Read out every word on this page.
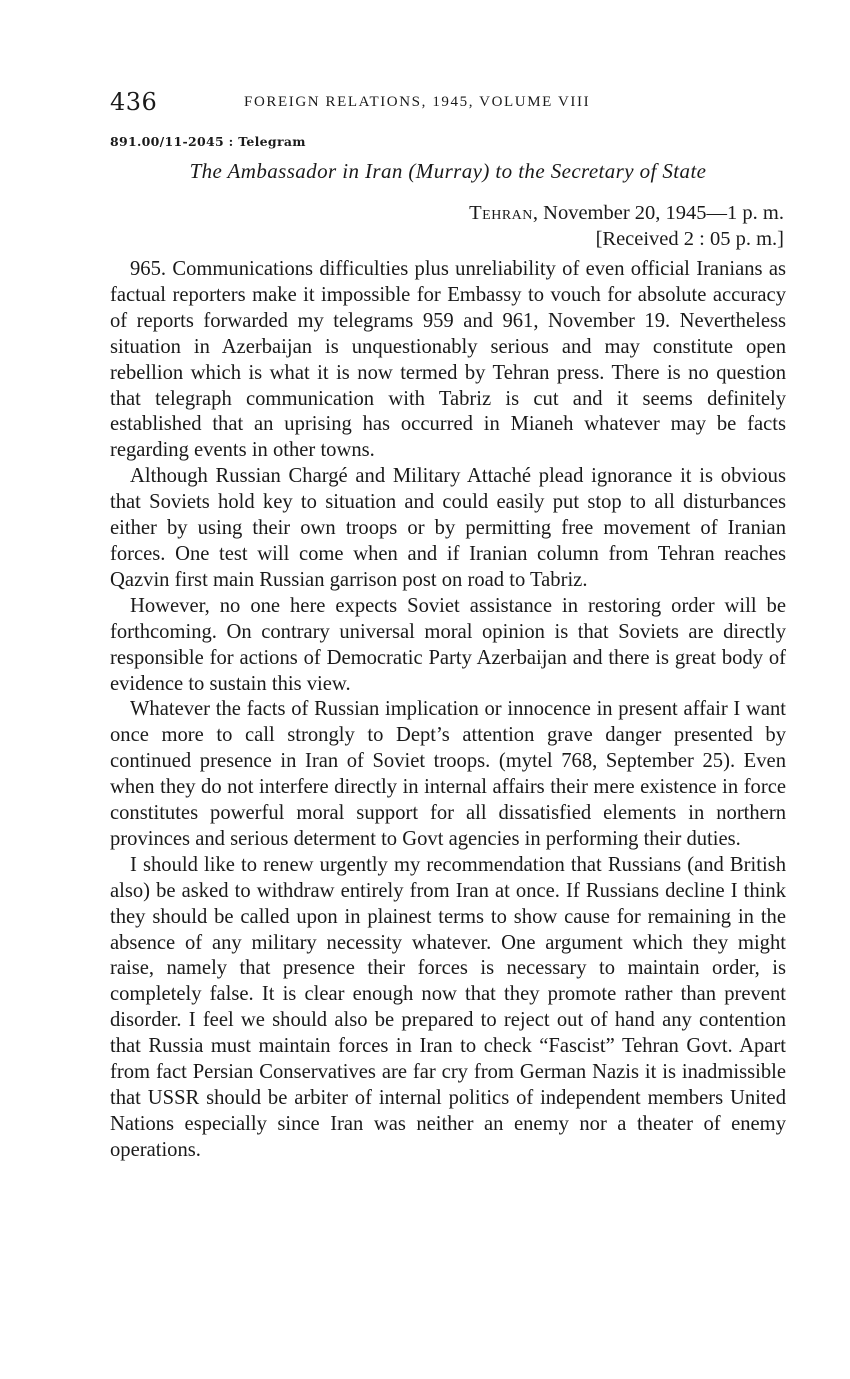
436	FOREIGN RELATIONS, 1945, VOLUME VIII
891.00/11-2045 : Telegram
The Ambassador in Iran (Murray) to the Secretary of State
Tehran, November 20, 1945—1 p. m.
[Received 2 : 05 p. m.]

965. Communications difficulties plus unreliability of even official Iranians as factual reporters make it impossible for Embassy to vouch for absolute accuracy of reports forwarded my telegrams 959 and 961, November 19. Nevertheless situation in Azerbaijan is unquestionably serious and may constitute open rebellion which is what it is now termed by Tehran press. There is no question that telegraph communication with Tabriz is cut and it seems definitely established that an uprising has occurred in Mianeh whatever may be facts regarding events in other towns.

Although Russian Chargé and Military Attaché plead ignorance it is obvious that Soviets hold key to situation and could easily put stop to all disturbances either by using their own troops or by permitting free movement of Iranian forces. One test will come when and if Iranian column from Tehran reaches Qazvin first main Russian garrison post on road to Tabriz.

However, no one here expects Soviet assistance in restoring order will be forthcoming. On contrary universal moral opinion is that Soviets are directly responsible for actions of Democratic Party Azerbaijan and there is great body of evidence to sustain this view.

Whatever the facts of Russian implication or innocence in present affair I want once more to call strongly to Dept’s attention grave danger presented by continued presence in Iran of Soviet troops. (mytel 768, September 25). Even when they do not interfere directly in internal affairs their mere existence in force constitutes powerful moral support for all dissatisfied elements in northern provinces and serious determent to Govt agencies in performing their duties.

I should like to renew urgently my recommendation that Russians (and British also) be asked to withdraw entirely from Iran at once. If Russians decline I think they should be called upon in plainest terms to show cause for remaining in the absence of any military necessity whatever. One argument which they might raise, namely that presence their forces is necessary to maintain order, is completely false. It is clear enough now that they promote rather than prevent disorder. I feel we should also be prepared to reject out of hand any contention that Russia must maintain forces in Iran to check “Fascist” Tehran Govt. Apart from fact Persian Conservatives are far cry from German Nazis it is inadmissible that USSR should be arbiter of internal politics of independent members United Nations especially since Iran was neither an enemy nor a theater of enemy operations.
